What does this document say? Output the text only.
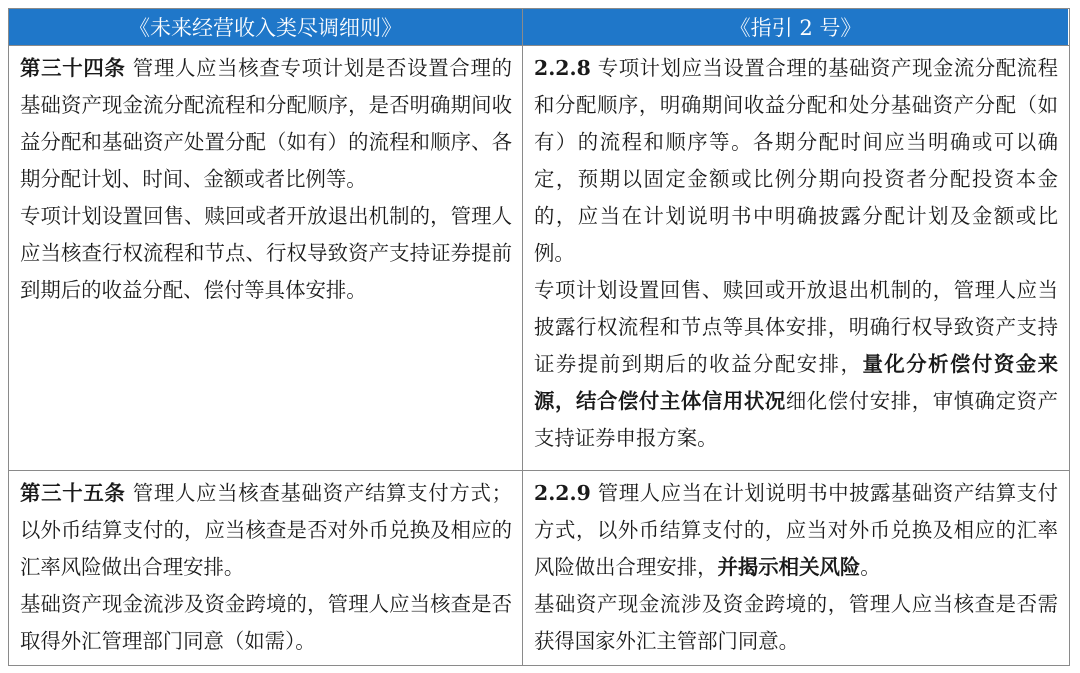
《未来经营收入类尽调细则》	《指引 2 号》

第三十四条 管理人应当核查专项计划是否设置合理的基础资产现金流分配流程和分配顺序，是否明确期间收益分配和基础资产处置分配（如有）的流程和顺序、各期分配计划、时间、金额或者比例等。

专项计划设置回售、赎回或者开放退出机制的，管理人应当核查行权流程和节点、行权导致资产支持证券提前到期后的收益分配、偿付等具体安排。

2.2.8 专项计划应当设置合理的基础资产现金流分配流程和分配顺序，明确期间收益分配和处分基础资产分配（如有）的流程和顺序等。各期分配时间应当明确或可以确定，预期以固定金额或比例分期向投资者分配投资本金的，应当在计划说明书中明确披露分配计划及金额或比例。

专项计划设置回售、赎回或开放退出机制的，管理人应当披露行权流程和节点等具体安排，明确行权导致资产支持证券提前到期后的收益分配安排，量化分析偿付资金来源，结合偿付主体信用状况细化偿付安排，审慎确定资产支持证券申报方案。

第三十五条 管理人应当核查基础资产结算支付方式；以外币结算支付的，应当核查是否对外币兑换及相应的汇率风险做出合理安排。

基础资产现金流涉及资金跨境的，管理人应当核查是否取得外汇管理部门同意（如需）。

2.2.9 管理人应当在计划说明书中披露基础资产结算支付方式，以外币结算支付的，应当对外币兑换及相应的汇率风险做出合理安排，并揭示相关风险。

基础资产现金流涉及资金跨境的，管理人应当核查是否需获得国家外汇主管部门同意。
